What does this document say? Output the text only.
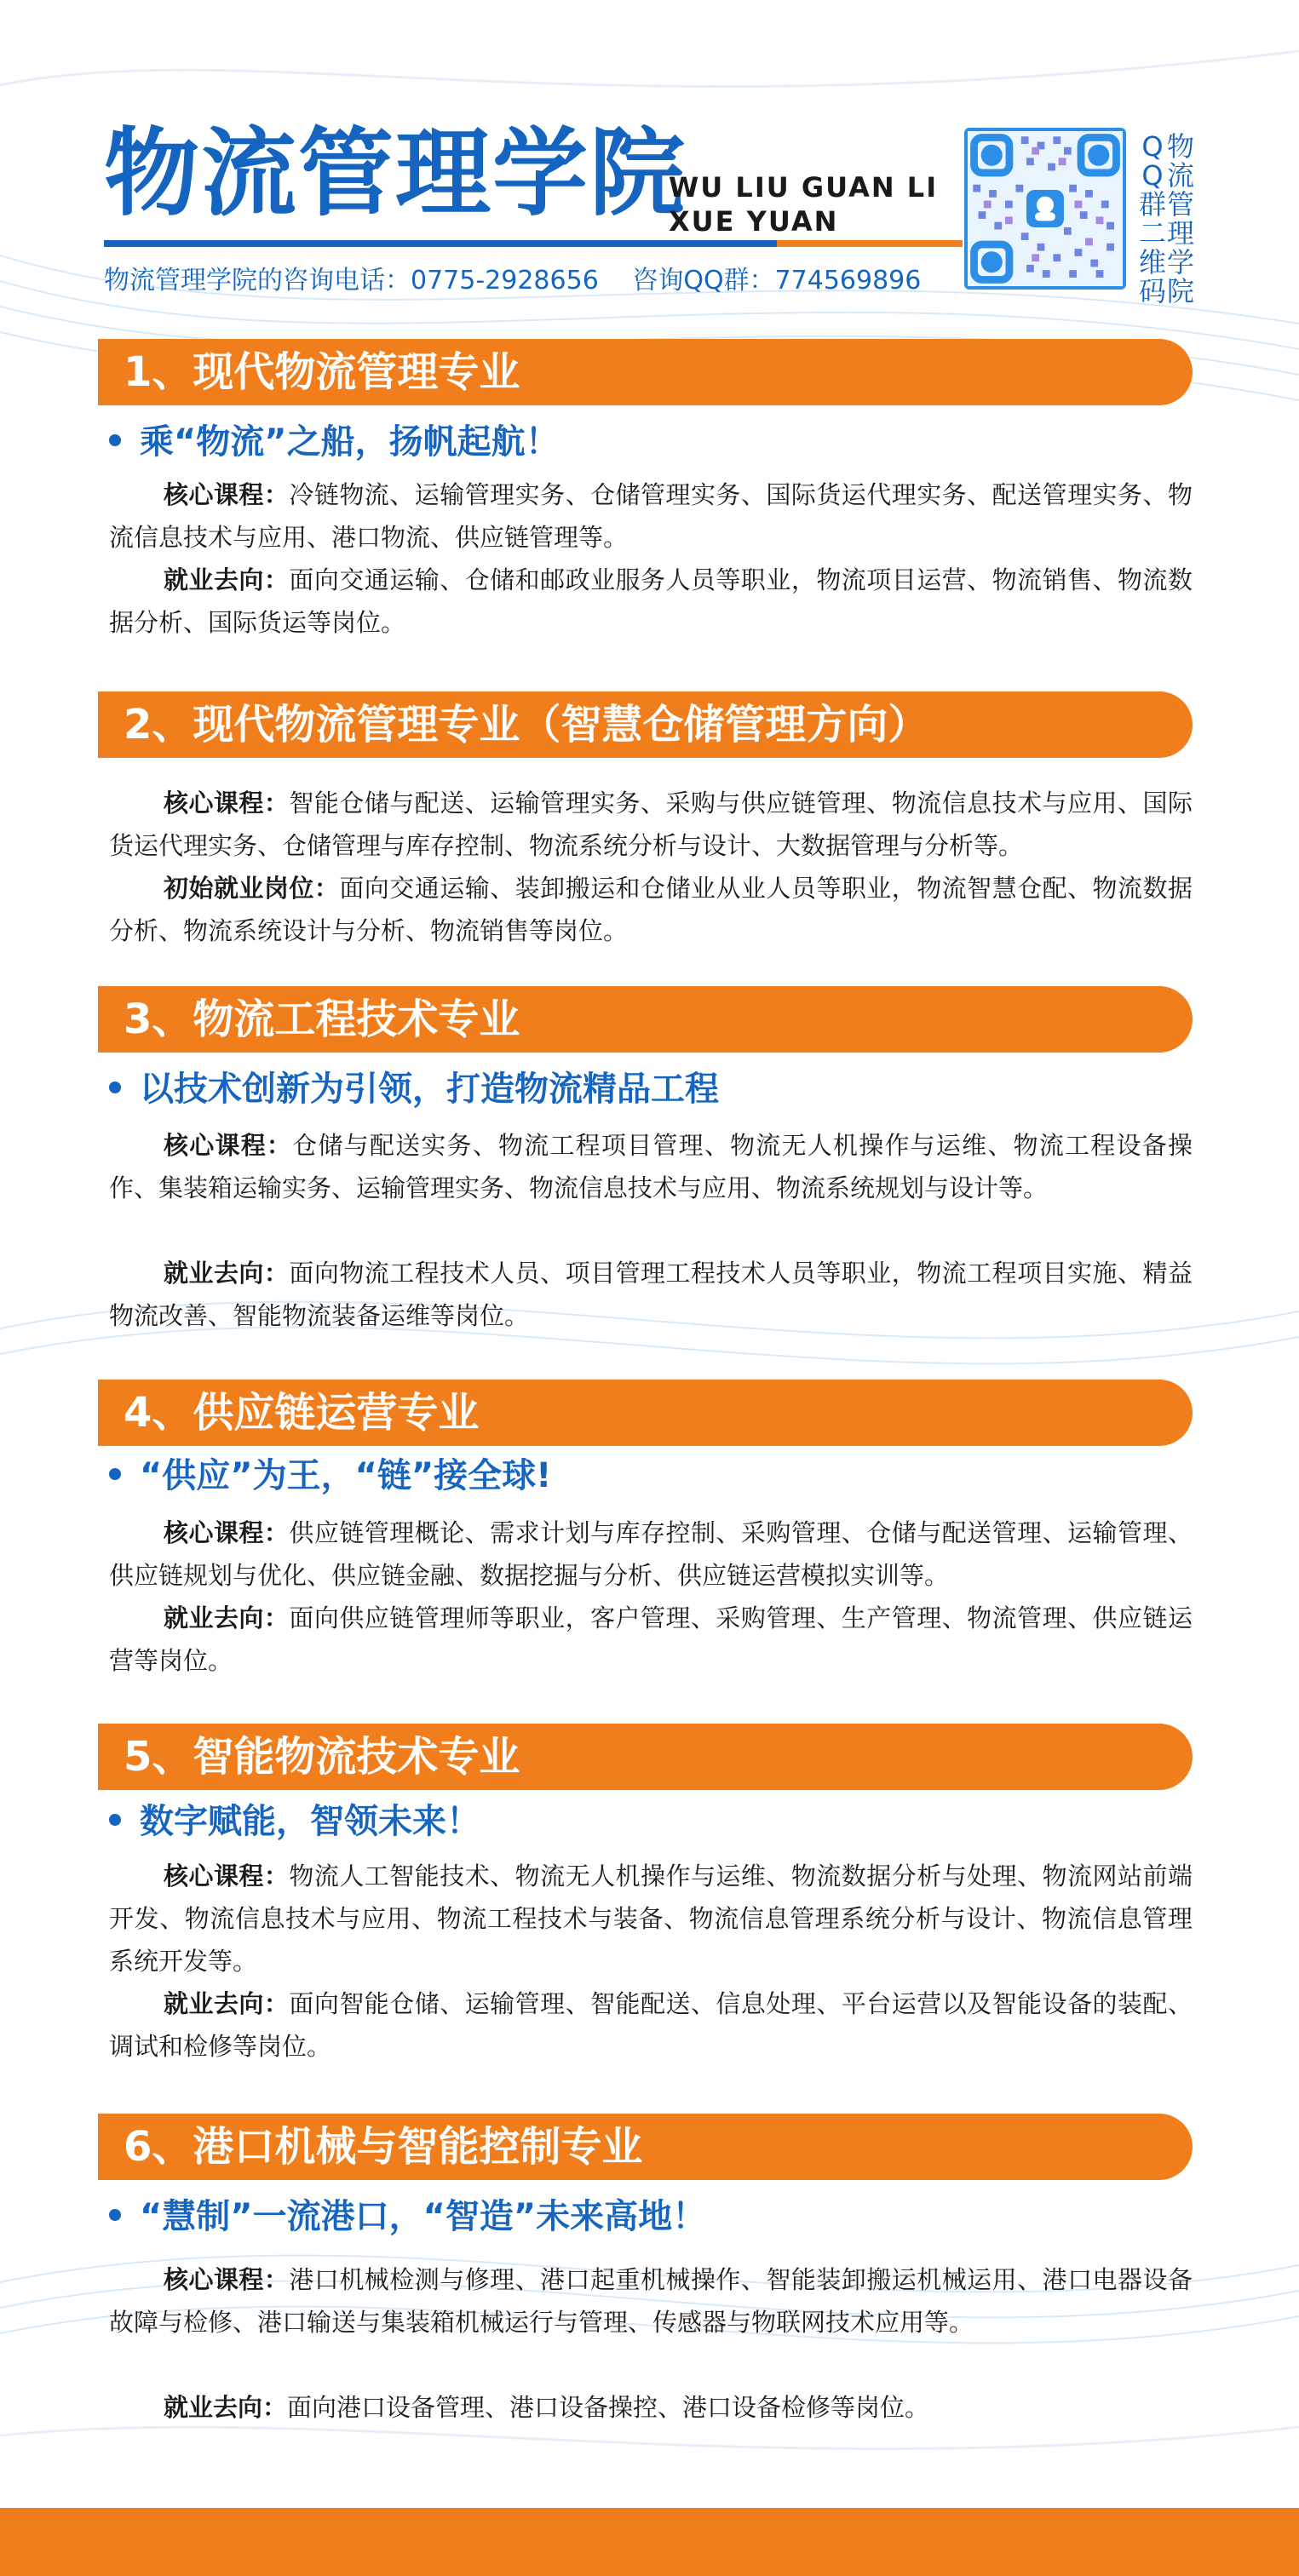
物流管理学院
WU LIU GUAN LI
XUE YUAN
物流管理学院的咨询电话：0775-2928656 咨询QQ群：774569896
QQ群二维码
物流管理学院
1、现代物流管理专业
乘“物流”之船，扬帆起航！

核心课程：冷链物流、运输管理实务、仓储管理实务、国际货运代理实务、配送管理实务、物流信息技术与应用、港口物流、供应链管理等。

就业去向：面向交通运输、仓储和邮政业服务人员等职业，物流项目运营、物流销售、物流数据分析、国际货运等岗位。

2、现代物流管理专业（智慧仓储管理方向）

核心课程：智能仓储与配送、运输管理实务、采购与供应链管理、物流信息技术与应用、国际货运代理实务、仓储管理与库存控制、物流系统分析与设计、大数据管理与分析等。

初始就业岗位：面向交通运输、装卸搬运和仓储业从业人员等职业，物流智慧仓配、物流数据分析、物流系统设计与分析、物流销售等岗位。

3、物流工程技术专业
以技术创新为引领，打造物流精品工程

核心课程：仓储与配送实务、物流工程项目管理、物流无人机操作与运维、物流工程设备操作、集装箱运输实务、运输管理实务、物流信息技术与应用、物流系统规划与设计等。

就业去向：面向物流工程技术人员、项目管理工程技术人员等职业，物流工程项目实施、精益物流改善、智能物流装备运维等岗位。

4、供应链运营专业
“供应”为王，“链”接全球!

核心课程：供应链管理概论、需求计划与库存控制、采购管理、仓储与配送管理、运输管理、供应链规划与优化、供应链金融、数据挖掘与分析、供应链运营模拟实训等。

就业去向：面向供应链管理师等职业，客户管理、采购管理、生产管理、物流管理、供应链运营等岗位。

5、智能物流技术专业
数字赋能，智领未来！

核心课程：物流人工智能技术、物流无人机操作与运维、物流数据分析与处理、物流网站前端开发、物流信息技术与应用、物流工程技术与装备、物流信息管理系统分析与设计、物流信息管理系统开发等。

就业去向：面向智能仓储、运输管理、智能配送、信息处理、平台运营以及智能设备的装配、调试和检修等岗位。

6、港口机械与智能控制专业
“慧制”一流港口，“智造”未来高地！

核心课程：港口机械检测与修理、港口起重机械操作、智能装卸搬运机械运用、港口电器设备故障与检修、港口输送与集装箱机械运行与管理、传感器与物联网技术应用等。

就业去向：面向港口设备管理、港口设备操控、港口设备检修等岗位。
